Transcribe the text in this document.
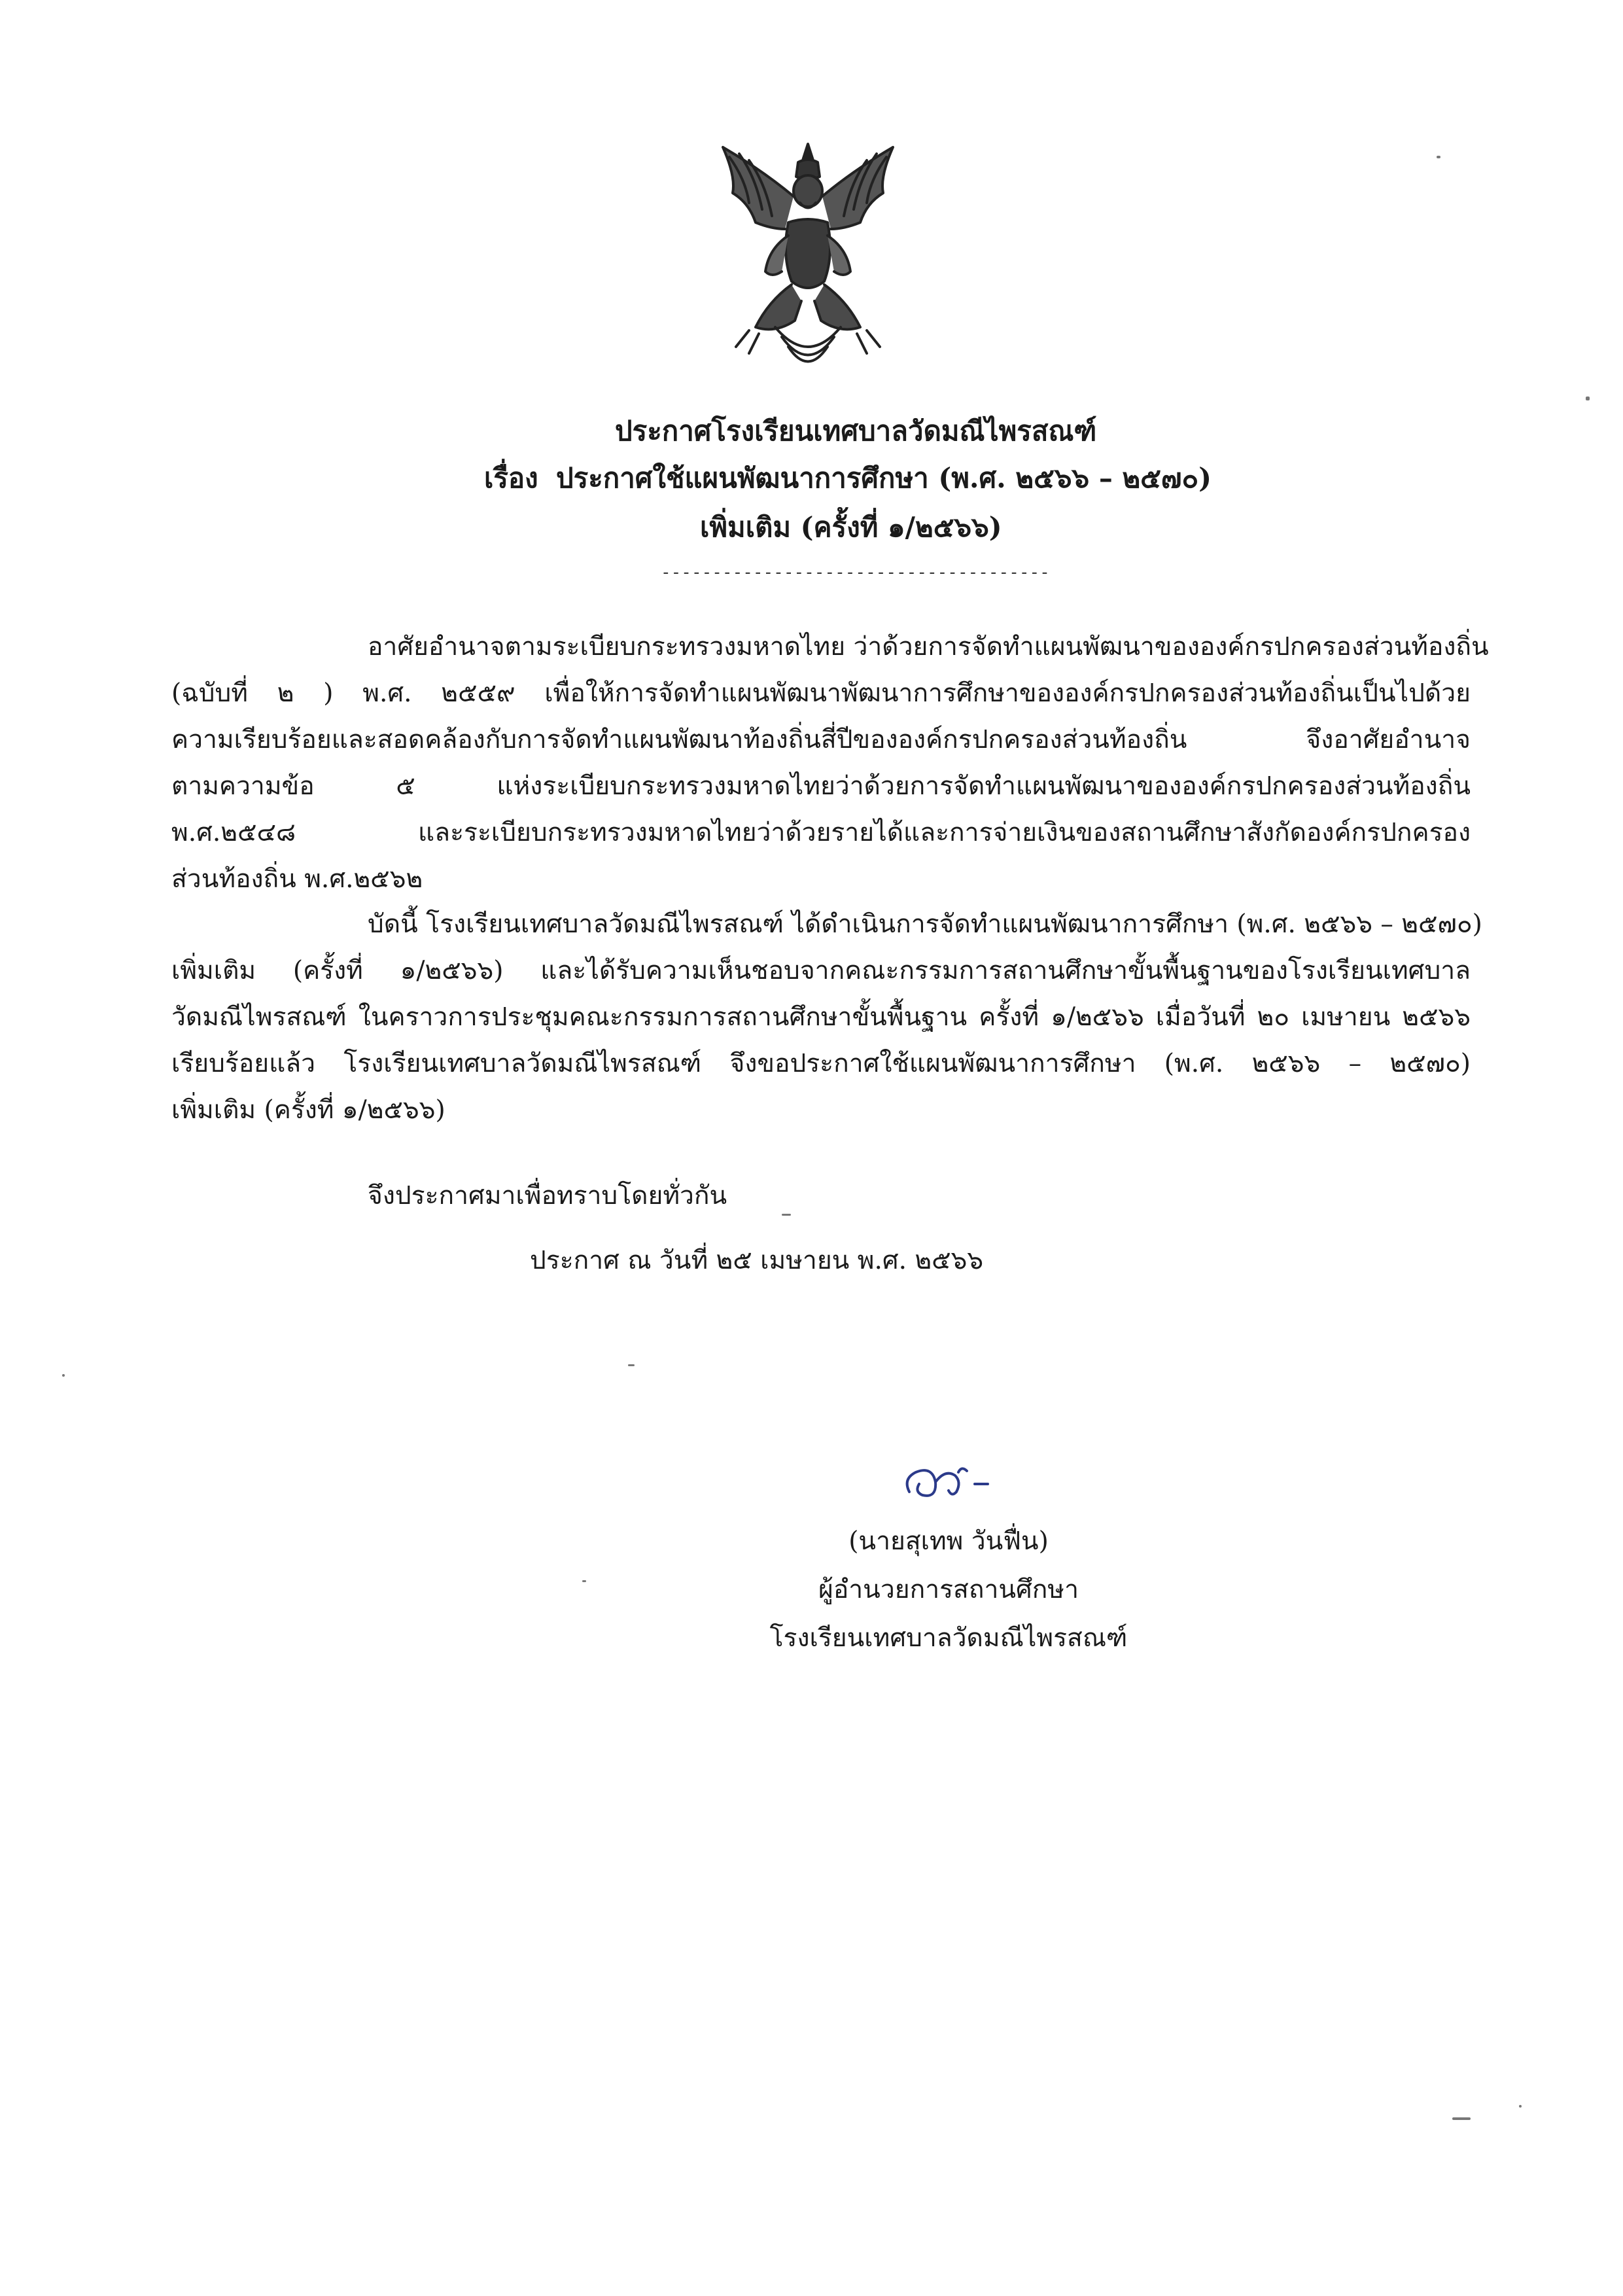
ประกาศโรงเรียนเทศบาลวัดมณีไพรสณฑ์
เรื่อง ประกาศใช้แผนพัฒนาการศึกษา (พ.ศ. ๒๕๖๖ – ๒๕๗๐)
เพิ่มเติม (ครั้งที่ ๑/๒๕๖๖)
--------------------------------------
อาศัยอำนาจตามระเบียบกระทรวงมหาดไทย ว่าด้วยการจัดทำแผนพัฒนาขององค์กรปกครองส่วนท้องถิ่น
(ฉบับที่ ๒ ) พ.ศ. ๒๕๕๙ เพื่อให้การจัดทำแผนพัฒนาพัฒนาการศึกษาขององค์กรปกครองส่วนท้องถิ่นเป็นไปด้วย
ความเรียบร้อยและสอดคล้องกับการจัดทำแผนพัฒนาท้องถิ่นสี่ปีขององค์กรปกครองส่วนท้องถิ่น จึงอาศัยอำนาจ
ตามความข้อ ๕ แห่งระเบียบกระทรวงมหาดไทยว่าด้วยการจัดทำแผนพัฒนาขององค์กรปกครองส่วนท้องถิ่น
พ.ศ.๒๕๔๘ และระเบียบกระทรวงมหาดไทยว่าด้วยรายได้และการจ่ายเงินของสถานศึกษาสังกัดองค์กรปกครอง
ส่วนท้องถิ่น พ.ศ.๒๕๖๒
บัดนี้ โรงเรียนเทศบาลวัดมณีไพรสณฑ์ ได้ดำเนินการจัดทำแผนพัฒนาการศึกษา (พ.ศ. ๒๕๖๖ – ๒๕๗๐)
เพิ่มเติม (ครั้งที่ ๑/๒๕๖๖) และได้รับความเห็นชอบจากคณะกรรมการสถานศึกษาขั้นพื้นฐานของโรงเรียนเทศบาล
วัดมณีไพรสณฑ์ ในคราวการประชุมคณะกรรมการสถานศึกษาขั้นพื้นฐาน ครั้งที่ ๑/๒๕๖๖ เมื่อวันที่ ๒๐ เมษายน ๒๕๖๖
เรียบร้อยแล้ว โรงเรียนเทศบาลวัดมณีไพรสณฑ์ จึงขอประกาศใช้แผนพัฒนาการศึกษา (พ.ศ. ๒๕๖๖ – ๒๕๗๐)
เพิ่มเติม (ครั้งที่ ๑/๒๕๖๖)
จึงประกาศมาเพื่อทราบโดยทั่วกัน
ประกาศ ณ วันที่ ๒๕ เมษายน พ.ศ. ๒๕๖๖
(นายสุเทพ วันฟื่น)
ผู้อำนวยการสถานศึกษา
โรงเรียนเทศบาลวัดมณีไพรสณฑ์
